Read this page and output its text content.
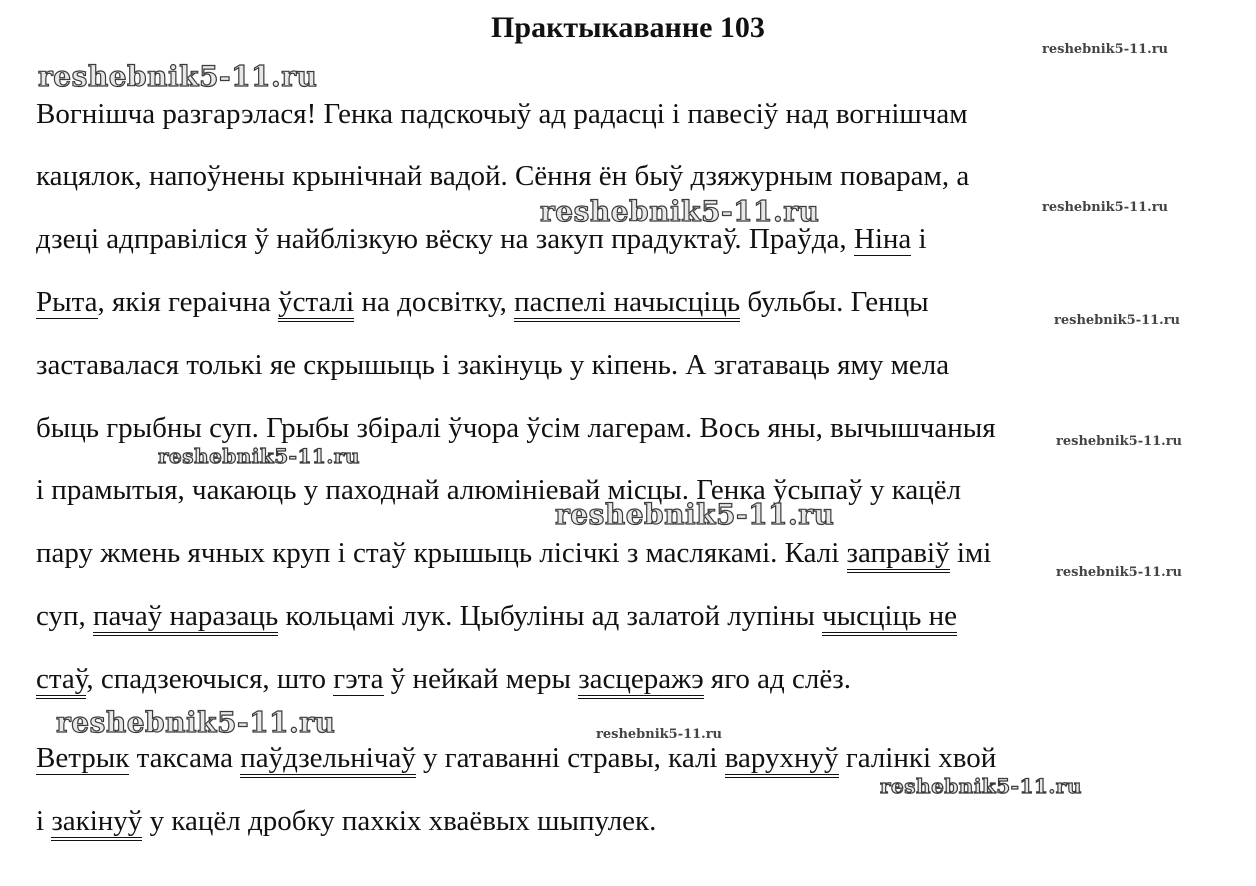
Практыкаванне 103
Вогнішча разгарэлася! Генка падскочыў ад радасці і павесіў над вогнішчам
кацялок, напоўнены крынічнай вадой. Сёння ён быў дзяжурным поварам, а
дзеці адправіліся ў найблізкую вёску на закуп прадуктаў. Праўда, Ніна і
Рыта, якія гераічна ўсталі на досвітку, паспелі начысціць бульбы. Генцы
заставалася толькі яе скрышыць і закінуць у кіпень. А згатаваць яму мела
быць грыбны суп. Грыбы збіралі ўчора ўсім лагерам. Вось яны, вычышчаныя
і прамытыя, чакаюць у паходнай алюмініевай місцы. Генка ўсыпаў у кацёл
пару жмень ячных круп і стаў крышыць лісічкі з маслякамі. Калі заправіў імі
суп, пачаў наразаць кольцамі лук. Цыбуліны ад залатой лупіны чысціць не
стаў, спадзеючыся, што гэта ў нейкай меры засцеражэ яго ад слёз.
Ветрык таксама паўдзельнічаў у гатаванні стравы, калі варухнуў галінкі хвой
і закінуў у кацёл дробку пахкіх хваёвых шыпулек.
reshebnik5-11.ru
reshebnik5-11.ru
reshebnik5-11.ru
reshebnik5-11.ru
reshebnik5-11.ru
reshebnik5-11.ru
reshebnik5-11.ru
reshebnik5-11.ru
reshebnik5-11.ru
reshebnik5-11.ru
reshebnik5-11.ru
reshebnik5-11.ru
